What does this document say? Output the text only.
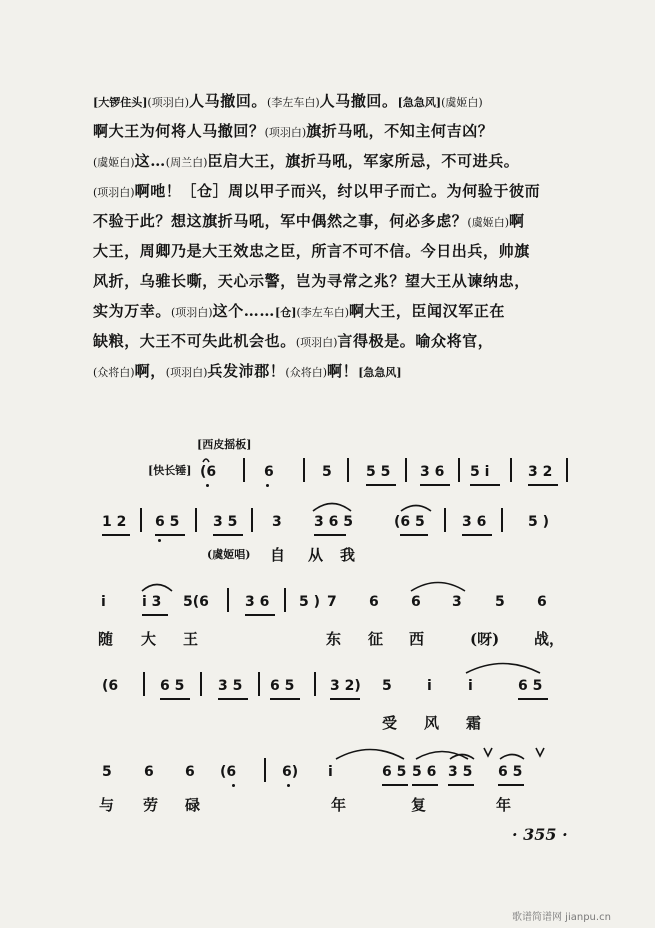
[大锣住头](项羽白)人马撤回。(李左车白)人马撤回。[急急风](虞姬白)
啊大王为何将人马撤回？(项羽白)旗折马吼，不知主何吉凶？
(虞姬白)这…(周兰白)臣启大王，旗折马吼，军家所忌，不可进兵。
(项羽白)啊吔！［仓］周以甲子而兴，纣以甲子而亡。为何验于彼而
不验于此？想这旗折马吼，军中偶然之事，何必多虑？(虞姬白)啊
大王，周卿乃是大王效忠之臣，所言不可不信。今日出兵，帅旗
风折，乌骓长嘶，天心示警，岂为寻常之兆？望大王从谏纳忠，
实为万幸。(项羽白)这个……[仓](李左车白)啊大王，臣闻汉军正在
缺粮，大王不可失此机会也。(项羽白)言得极是。喻众将官，
(众将白)啊，(项羽白)兵发沛郡！(众将白)啊！[急急风]
[西皮摇板]
[快长锤]
(虞姬唱)
(6	6	5 5 5 3 6 5 i	3 2
1 2 6 5 3 5 3 3 6 5	(6 5	3 6	5 )
自 从 我
i	i 3 5(6	3 6 5 ) 7 6 6 3 5 6
随 大 王	东 征 西	(呀) 战，
(6	6 5 3 5 6 5	3 2) 5	i	i	6 5
受 风 霜
5 6 6 (6	6) i	6 5 5 6 3 5 6 5
与 劳 碌	年	复	年
· 355 ·
歌谱简谱网 jianpu.cn
